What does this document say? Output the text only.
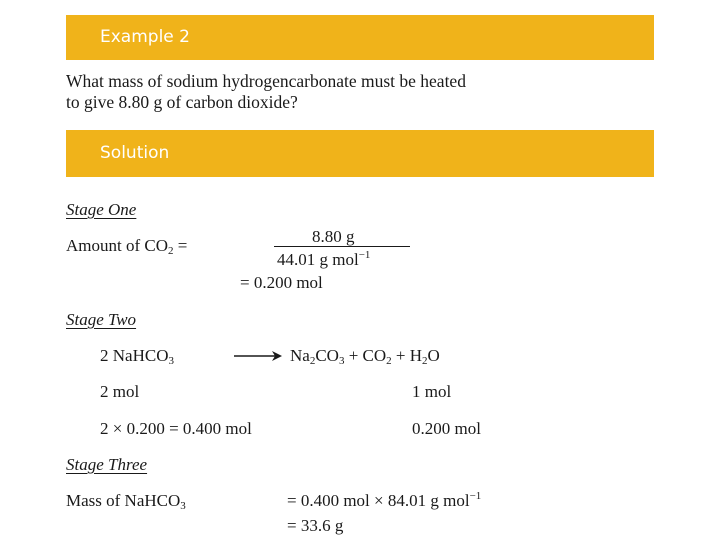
Example 2
What mass of sodium hydrogencarbonate must be heated
to give 8.80 g of carbon dioxide?
Solution
Stage One
Amount of $CO_2$ =	8.80 g
44.01 g mol$^{-1}$
= 0.200 mol
Stage Two
2 NaHCO$_3$	→ $Na_2CO_3 + CO_2 + H_2O$
2 mol	1 mol
2 × 0.200 = 0.400 mol	0.200 mol
Stage Three
Mass of NaHCO$_3$	= 0.400 mol × 84.01 g mol$^{-1}$
= 33.6 g
